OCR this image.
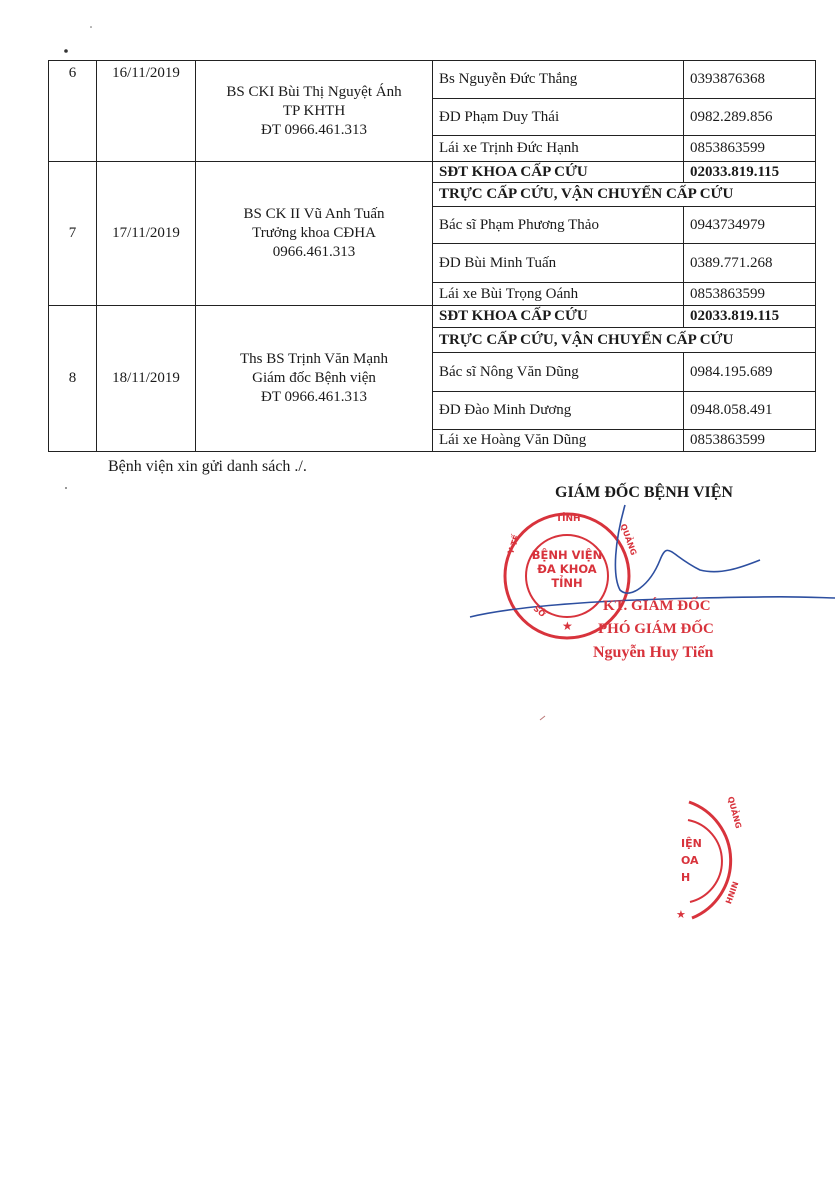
6	16/11/2019	BS CKI Bùi Thị Nguyệt Ánh
TP KHTH
ĐT 0966.461.313	Bs Nguyễn Đức Thắng	0393876368
			ĐD Phạm Duy Thái	0982.289.856
			Lái xe Trịnh Đức Hạnh	0853863599
7	17/11/2019	BS CK II Vũ Anh Tuấn
Trưởng khoa CĐHA
0966.461.313	SĐT KHOA CẤP CỨU	02033.819.115
			TRỰC CẤP CỨU, VẬN CHUYỂN CẤP CỨU	
			Bác sĩ Phạm Phương Thảo	0943734979
			ĐD Bùi Minh Tuấn	0389.771.268
			Lái xe Bùi Trọng Oánh	0853863599
8	18/11/2019	Ths BS Trịnh Văn Mạnh
Giám đốc Bệnh viện
ĐT 0966.461.313	SĐT KHOA CẤP CỨU	02033.819.115
			TRỰC CẤP CỨU, VẬN CHUYỂN CẤP CỨU	
			Bác sĩ Nông Văn Dũng	0984.195.689
			ĐD Đào Minh Dương	0948.058.491
			Lái xe Hoàng Văn Dũng	0853863599
Bệnh viện xin gửi danh sách ./.
GIÁM ĐỐC BỆNH VIỆN
★
★
BỆNH VIỆN
ĐA KHOA
TỈNH
TỈNH
QUẢNG
Y TẾ
SỞ
IỆN
OA
H
QUẢNG
NINH
KT. GIÁM ĐỐC
PHÓ GIÁM ĐỐC
Nguyễn Huy Tiến
